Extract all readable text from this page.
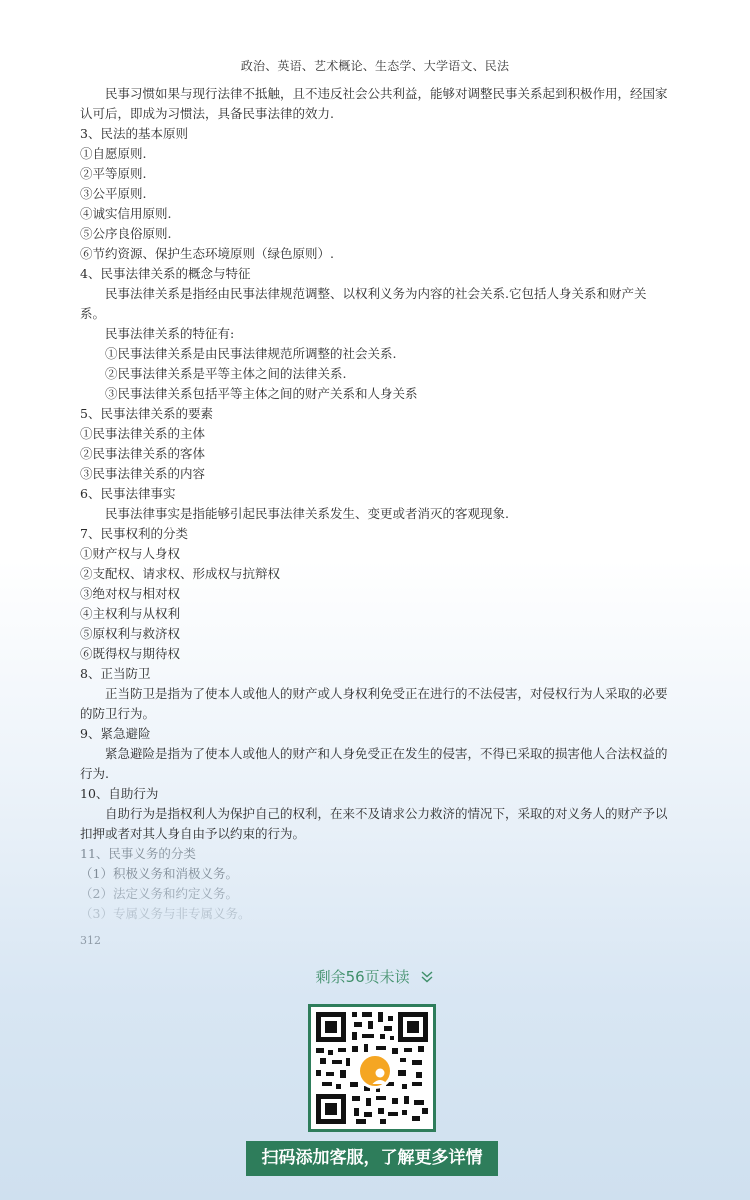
政治、英语、艺术概论、生态学、大学语文、民法

民事习惯如果与现行法律不抵触，且不违反社会公共利益，能够对调整民事关系起到积极作用，经国家认可后，即成为习惯法，具备民事法律的效力.

3、民法的基本原则

①自愿原则.

②平等原则.

③公平原则.

④诚实信用原则.

⑤公序良俗原则.

⑥节约资源、保护生态环境原则（绿色原则）.

4、民事法律关系的概念与特征

民事法律关系是指经由民事法律规范调整、以权利义务为内容的社会关系.它包括人身关系和财产关系。

民事法律关系的特征有:

①民事法律关系是由民事法律规范所调整的社会关系.

②民事法律关系是平等主体之间的法律关系.

③民事法律关系包括平等主体之间的财产关系和人身关系

5、民事法律关系的要素

①民事法律关系的主体

②民事法律关系的客体

③民事法律关系的内容

6、民事法律事实

民事法律事实是指能够引起民事法律关系发生、变更或者消灭的客观现象.

7、民事权利的分类

①财产权与人身权

②支配权、请求权、形成权与抗辩权

③绝对权与相对权

④主权利与从权利

⑤原权利与救济权

⑥既得权与期待权

8、正当防卫

正当防卫是指为了使本人或他人的财产或人身权利免受正在进行的不法侵害，对侵权行为人采取的必要的防卫行为。

9、紧急避险

紧急避险是指为了使本人或他人的财产和人身免受正在发生的侵害，不得已采取的损害他人合法权益的行为.

10、自助行为

自助行为是指权利人为保护自己的权利，在来不及请求公力救济的情况下，采取的对义务人的财产予以扣押或者对其人身自由予以约束的行为。

11、民事义务的分类

（1）积极义务和消极义务。

（2）法定义务和约定义务。

（3）专属义务与非专属义务。

312
剩余56页未读
扫码添加客服，了解更多详情
